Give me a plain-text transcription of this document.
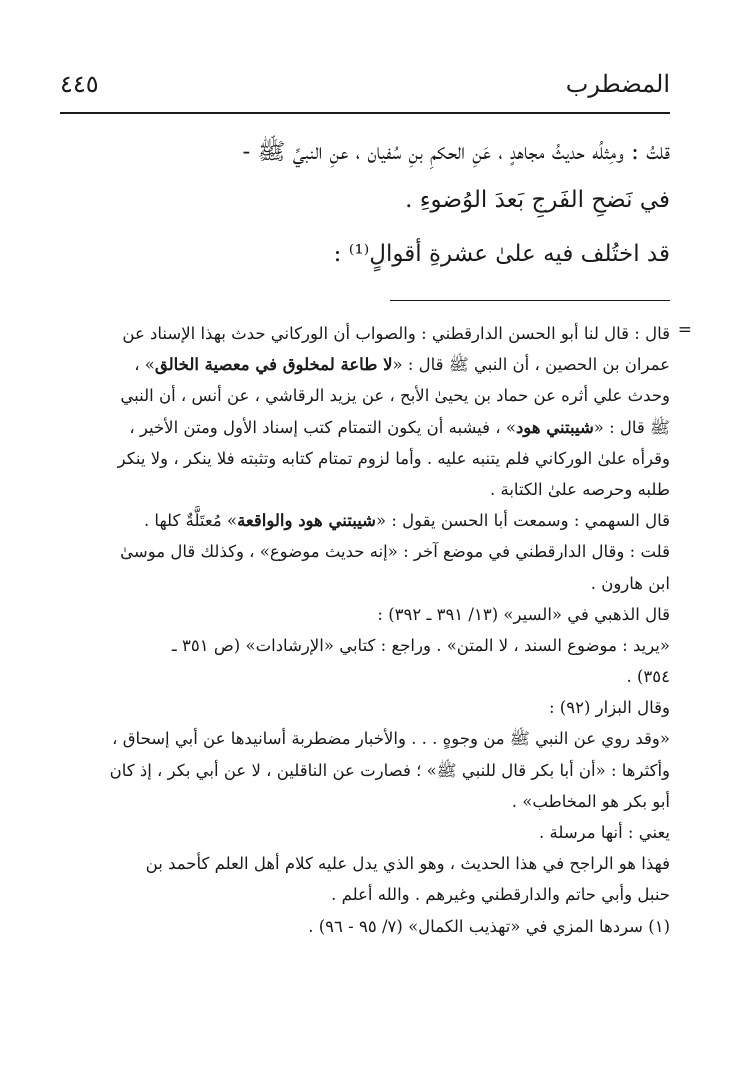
المضطرب
٤٤٥
قلتُ : ومِثلُه حديثُ مجاهدٍ ، عَنِ الحكمِ بنِ سُفيان ، عنِ النبيِّ ﷺ -
في نَضحِ الفَرجِ بَعدَ الوُضوءِ .
قد اختُلف فيه علىٰ عشرةِ أقوالٍ⁽¹⁾ :
=
قال : قال لنا أبو الحسن الدارقطني : والصواب أن الوركاني حدث بهذا الإسناد عن
عمران بن الحصين ، أن النبي ﷺ قال : «لا طاعة لمخلوق في معصية الخالق» ،
وحدث علي أثره عن حماد بن يحيىٰ الأبح ، عن يزيد الرقاشي ، عن أنس ، أن النبي
ﷺ قال : «شيبتني هود» ، فيشبه أن يكون التمتام كتب إسناد الأول ومتن الأخير ،
وقرأه علىٰ الوركاني فلم يتنبه عليه . وأما لزوم تمتام كتابه وتثبته فلا ينكر ، ولا ينكر
طلبه وحرصه علىٰ الكتابة .
قال السهمي : وسمعت أبا الحسن يقول : «شيبتني هود والواقعة» مُعتَلَّةٌ كلها .
قلت : وقال الدارقطني في موضع آخر : «إنه حديث موضوع» ، وكذلك قال موسىٰ
ابن هارون .
قال الذهبي في «السير» (١٣/ ٣٩١ ـ ٣٩٢) :
«يريد : موضوع السند ، لا المتن» . وراجع : كتابي «الإرشادات» (ص ٣٥١ ـ
٣٥٤) .
وقال البزار (٩٢) :
«وقد روي عن النبي ﷺ من وجوهٍ . . . والأخبار مضطربة أسانيدها عن أبي إسحاق ،
وأكثرها : «أن أبا بكر قال للنبي ﷺ» ؛ فصارت عن الناقلين ، لا عن أبي بكر ، إذ كان
أبو بكر هو المخاطب» .
يعني : أنها مرسلة .
فهذا هو الراجح في هذا الحديث ، وهو الذي يدل عليه كلام أهل العلم كأحمد بن
حنبل وأبي حاتم والدارقطني وغيرهم . والله أعلم .
(١) سردها المزي في «تهذيب الكمال» (٧/ ٩٥ - ٩٦) .
